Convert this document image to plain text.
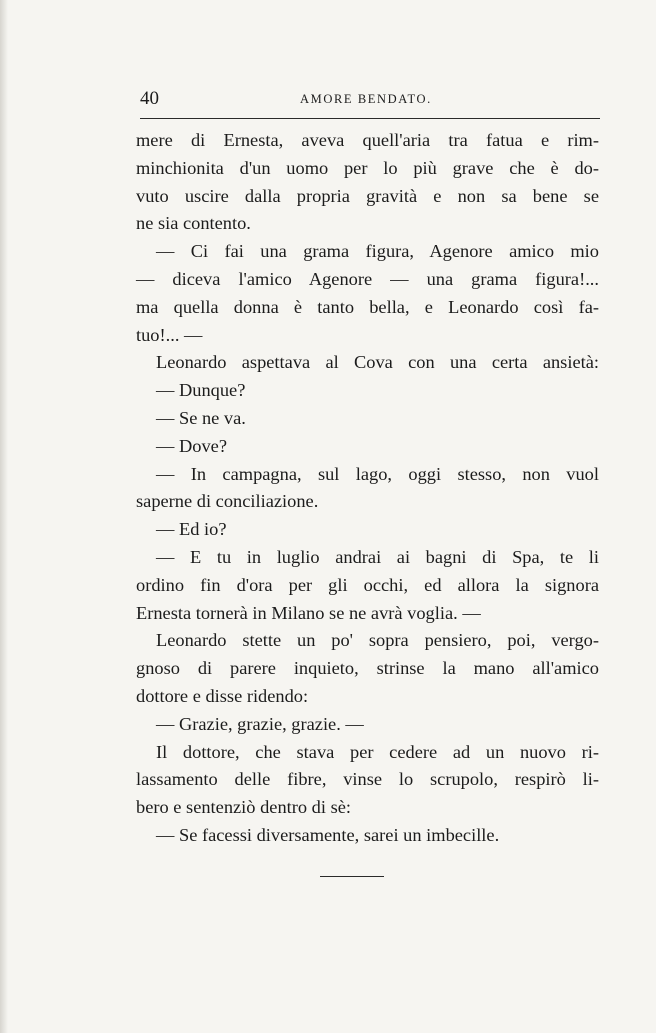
40	AMORE BENDATO.
mere di Ernesta, aveva quell'aria tra fatua e rim-
minchionita d'un uomo per lo più grave che è do-
vuto uscire dalla propria gravità e non sa bene se
ne sia contento.
— Ci fai una grama figura, Agenore amico mio
— diceva l'amico Agenore — una grama figura!...
ma quella donna è tanto bella, e Leonardo così fa-
tuo!... —
Leonardo aspettava al Cova con una certa ansietà:
— Dunque?
— Se ne va.
— Dove?
— In campagna, sul lago, oggi stesso, non vuol
saperne di conciliazione.
— Ed io?
— E tu in luglio andrai ai bagni di Spa, te li
ordino fin d'ora per gli occhi, ed allora la signora
Ernesta tornerà in Milano se ne avrà voglia. —
Leonardo stette un po' sopra pensiero, poi, vergo-
gnoso di parere inquieto, strinse la mano all'amico
dottore e disse ridendo:
— Grazie, grazie, grazie. —
Il dottore, che stava per cedere ad un nuovo ri-
lassamento delle fibre, vinse lo scrupolo, respirò li-
bero e sentenziò dentro di sè:
— Se facessi diversamente, sarei un imbecille.
